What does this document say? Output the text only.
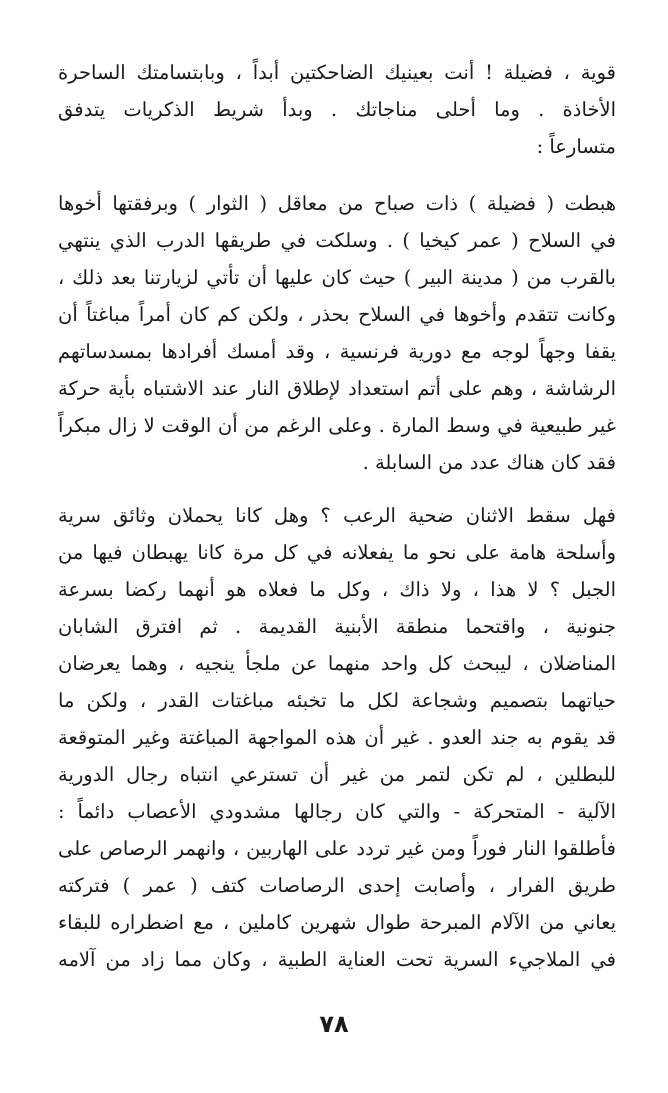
قوية ، فضيلة ! أنت بعينيك الضاحكتين أبداً ، وبابتسامتك الساحرة
الأخاذة . وما أحلى مناجاتك . وبدأ شريط الذكريات يتدفق
متسارعاً :
هبطت ( فضيلة ) ذات صباح من معاقل ( الثوار ) وبرفقتها أخوها
في السلاح ( عمر كيخيا ) . وسلكت في طريقها الدرب الذي ينتهي
بالقرب من ( مدينة البير ) حيث كان عليها أن تأتي لزيارتنا بعد ذلك ،
وكانت تتقدم وأخوها في السلاح بحذر ، ولكن كم كان أمراً مباغتاً أن
يقفا وجهاً لوجه مع دورية فرنسية ، وقد أمسك أفرادها بمسدساتهم
الرشاشة ، وهم على أتم استعداد لإطلاق النار عند الاشتباه بأية حركة
غير طبيعية في وسط المارة . وعلى الرغم من أن الوقت لا زال مبكراً
فقد كان هناك عدد من السابلة .
فهل سقط الاثنان ضحية الرعب ؟ وهل كانا يحملان وثائق سرية
وأسلحة هامة على نحو ما يفعلانه في كل مرة كانا يهبطان فيها من
الجبل ؟ لا هذا ، ولا ذاك ، وكل ما فعلاه هو أنهما ركضا بسرعة
جنونية ، واقتحما منطقة الأبنية القديمة . ثم افترق الشابان
المناضلان ، ليبحث كل واحد منهما عن ملجأ ينجيه ، وهما يعرضان
حياتهما بتصميم وشجاعة لكل ما تخبئه مباغتات القدر ، ولكن ما
قد يقوم به جند العدو . غير أن هذه المواجهة المباغتة وغير المتوقعة
للبطلين ، لم تكن لتمر من غير أن تسترعي انتباه رجال الدورية
الآلية - المتحركة - والتي كان رجالها مشدودي الأعصاب دائماً :
فأطلقوا النار فوراً ومن غير تردد على الهاربين ، وانهمر الرصاص على
طريق الفرار ، وأصابت إحدى الرصاصات كتف ( عمر ) فتركته
يعاني من الآلام المبرحة طوال شهرين كاملين ، مع اضطراره للبقاء
في الملاجيء السرية تحت العناية الطبية ، وكان مما زاد من آلامه
٧٨
